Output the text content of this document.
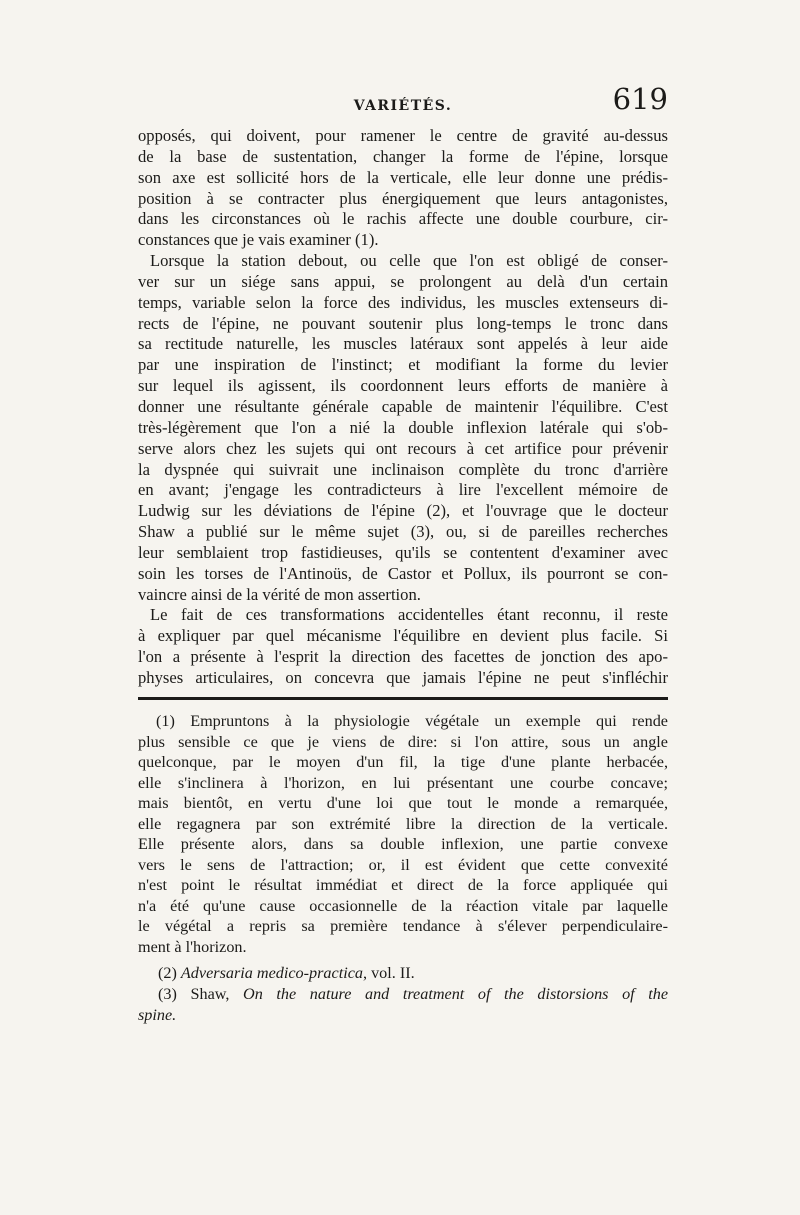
VARIÉTÉS.	619
opposés, qui doivent, pour ramener le centre de gravité au-dessus
de la base de sustentation, changer la forme de l'épine, lorsque
son axe est sollicité hors de la verticale, elle leur donne une prédis-
position à se contracter plus énergiquement que leurs antagonistes,
dans les circonstances où le rachis affecte une double courbure, cir-
constances que je vais examiner (1).
Lorsque la station debout, ou celle que l'on est obligé de conser-
ver sur un siége sans appui, se prolongent au delà d'un certain
temps, variable selon la force des individus, les muscles extenseurs di-
rects de l'épine, ne pouvant soutenir plus long-temps le tronc dans
sa rectitude naturelle, les muscles latéraux sont appelés à leur aide
par une inspiration de l'instinct; et modifiant la forme du levier
sur lequel ils agissent, ils coordonnent leurs efforts de manière à
donner une résultante générale capable de maintenir l'équilibre. C'est
très-légèrement que l'on a nié la double inflexion latérale qui s'ob-
serve alors chez les sujets qui ont recours à cet artifice pour prévenir
la dyspnée qui suivrait une inclinaison complète du tronc d'arrière
en avant; j'engage les contradicteurs à lire l'excellent mémoire de
Ludwig sur les déviations de l'épine (2), et l'ouvrage que le docteur
Shaw a publié sur le même sujet (3), ou, si de pareilles recherches
leur semblaient trop fastidieuses, qu'ils se contentent d'examiner avec
soin les torses de l'Antinoüs, de Castor et Pollux, ils pourront se con-
vaincre ainsi de la vérité de mon assertion.
Le fait de ces transformations accidentelles étant reconnu, il reste
à expliquer par quel mécanisme l'équilibre en devient plus facile. Si
l'on a présente à l'esprit la direction des facettes de jonction des apo-
physes articulaires, on concevra que jamais l'épine ne peut s'infléchir
(1) Empruntons à la physiologie végétale un exemple qui rende
plus sensible ce que je viens de dire: si l'on attire, sous un angle
quelconque, par le moyen d'un fil, la tige d'une plante herbacée,
elle s'inclinera à l'horizon, en lui présentant une courbe concave;
mais bientôt, en vertu d'une loi que tout le monde a remarquée,
elle regagnera par son extrémité libre la direction de la verticale.
Elle présente alors, dans sa double inflexion, une partie convexe
vers le sens de l'attraction; or, il est évident que cette convexité
n'est point le résultat immédiat et direct de la force appliquée qui
n'a été qu'une cause occasionnelle de la réaction vitale par laquelle
le végétal a repris sa première tendance à s'élever perpendiculaire-
ment à l'horizon.
(2) Adversaria medico-practica, vol. II.
(3) Shaw, On the nature and treatment of the distorsions of the
spine.
